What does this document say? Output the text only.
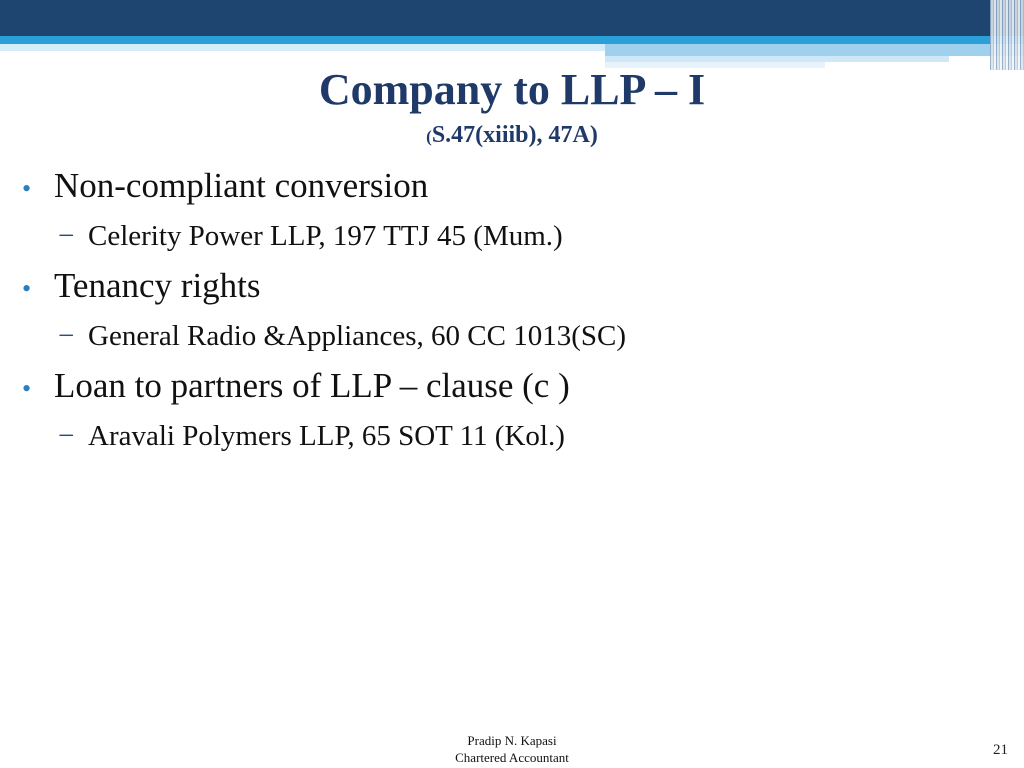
Company to LLP – I
(S.47(xiiib), 47A)
• Non-compliant conversion
− Celerity Power LLP, 197 TTJ 45 (Mum.)
• Tenancy rights
− General Radio &Appliances, 60 CC 1013(SC)
• Loan to partners of LLP – clause (c )
− Aravali Polymers LLP, 65 SOT 11 (Kol.)
Pradip N. Kapasi
Chartered Accountant	21
